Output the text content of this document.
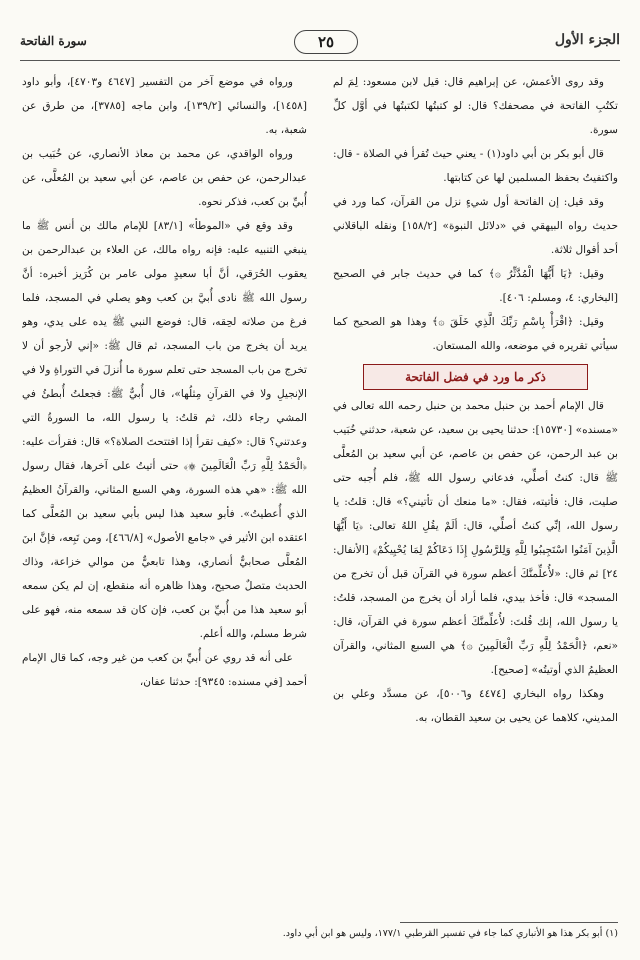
الجزء الأول
٢٥
سورة الفاتحة

وقد روى الأعمش، عن إبراهيم قال: قيل لابن مسعود: لِمَ لم تكتُبِ الفاتحة في مصحفك؟ قال: لو كتبتُها لكتبتُها في أوَّل كلِّ سورة.

قال أبو بكر بن أبي داود(١) - يعني حيث تُقرأ في الصلاة - قال: واكتفيتُ بحفظ المسلمين لها عن كتابتها.

وقد قيل: إن الفاتحة أول شيءٍ نزل من القرآن، كما ورد في حديث رواه البيهقي في «دلائل النبوة» [١٥٨/٢] ونقله الباقلاني أحد أقوال ثلاثة.

وقيل: ﴿يَا أَيُّهَا الْمُدَّثِّرُ ۞﴾ كما في حديث جابر في الصحيح [البخاري: ٤، ومسلم: ٤٠٦].

وقيل: ﴿اقْرَأْ بِاسْمِ رَبِّكَ الَّذِي خَلَقَ ۞﴾ وهذا هو الصحيح كما سيأتي تقريره في موضعه، والله المستعان.

ذكر ما ورد في فضل الفاتحة

قال الإمام أحمد بن حنبل محمد بن حنبل رحمه الله تعالى في «مسنده» [١٥٧٣٠]: حدثنا يحيى بن سعيد، عن شعبة، حدثني خُبَيب بن عبد الرحمن، عن حفص بن عاصم، عن أبي سعيد بن المُعلَّى ﷺ قال: كنتُ أصلِّي، فدعاني رسول الله ﷺ، فلم أُجبه حتى صليت، قال: فأتيته، فقال: «ما منعك أن تأتيني؟» قال: قلتُ: يا رسول الله، إنِّي كنتُ أصلِّي، قال: ألَمْ يقُلِ اللهُ تعالى: ﴿يَا أَيُّهَا الَّذِينَ آمَنُوا اسْتَجِيبُوا لِلَّهِ وَلِلرَّسُولِ إِذَا دَعَاكُمْ لِمَا يُحْيِيكُمْ﴾ [الأنفال: ٢٤] ثم قال: «لأُعلِّمنَّكَ أعظم سورة في القرآن قبل أن تخرج من المسجد» قال: فأخذ بيدي، فلما أراد أن يخرج من المسجد، قلتُ: يا رسول الله، إنك قُلتَ: لأُعلِّمنَّكَ أعظم سورة في القرآن، قال: «نعم، ﴿الْحَمْدُ لِلَّهِ رَبِّ الْعَالَمِينَ ۞﴾ هي السبع المثاني، والقرآن العظيمُ الذي أوتيتُه» [صحيح].

وهكذا رواه البخاري [٤٤٧٤ و٥٠٠٦]، عن مسدَّد وعلي بن المديني، كلاهما عن يحيى بن سعيد القطان، به.

ورواه في موضع آخر من التفسير [٤٦٤٧ و٤٧٠٣]، وأبو داود [١٤٥٨]، والنسائي [١٣٩/٢]، وابن ماجه [٣٧٨٥]، من طرق عن شعبة، به.

ورواه الواقدي، عن محمد بن معاذ الأنصاري، عن خُبَيب بن عبدالرحمن، عن حفص بن عاصم، عن أبي سعيد بن المُعلَّى، عن أُبيِّ بن كعب، فذكر نحوه.

وقد وقع في «الموطأ» [٨٣/١] للإمام مالك بن أنس ﷺ ما ينبغي التنبيه عليه: فإنه رواه مالك، عن العلاء بن عبدالرحمن بن يعقوب الحُرَقي، أنَّ أبا سعيدٍ مولى عامر بن كُرَيز أخبره: أنَّ رسول الله ﷺ نادى أُبيَّ بن كعب وهو يصلي في المسجد، فلما فرغ من صلاته لحِقه، قال: فوضع النبي ﷺ يده على يدي، وهو يريد أن يخرج من باب المسجد، ثم قال ﷺ: «إني لأرجو أن لا تخرج من باب المسجد حتى تعلم سورة ما أُنزلَ في التوراةِ ولا في الإنجيلِ ولا في القرآنِ مِثلُها»، قال أُبيٌّ ﷺ: فجعلتُ أُبطئُ في المشي رجاء ذلك، ثم قلتُ: يا رسول الله، ما السورةُ التي وعدتني؟ قال: «كيف تقرأ إذا افتتحتَ الصلاة؟» قال: فقرأت عليه: ﴿الْحَمْدُ لِلَّهِ رَبِّ الْعَالَمِينَ ۞﴾ حتى أتيتُ على آخرها، فقال رسول الله ﷺ: «هي هذه السورة، وهي السبع المثاني، والقرآنُ العظيمُ الذي أُعطيتُ». فأبو سعيد هذا ليس بأبي سعيد بن المُعلَّى كما اعتقده ابن الأثير في «جامع الأصول» [٤٦٦/٨]، ومن تَبِعه، فإنَّ ابنَ المُعلَّى صحابيٌّ أنصاري، وهذا تابعيٌّ من موالي خزاعة، وذاك الحديث متصلٌ صحيح، وهذا ظاهره أنه منقطع، إن لم يكن سمعه أبو سعيد هذا من أُبيِّ بن كعب، فإن كان قد سمعه منه، فهو على شرط مسلم، والله أعلم.

على أنه قد روي عن أُبيِّ بن كعب من غير وجه، كما قال الإمام أحمد [في مسنده: ٩٣٤٥]: حدثنا عفان،

(١) أبو بكر هذا هو الأنباري كما جاء في تفسير القرطبي ١٧٧/١، وليس هو ابن أبي داود.
